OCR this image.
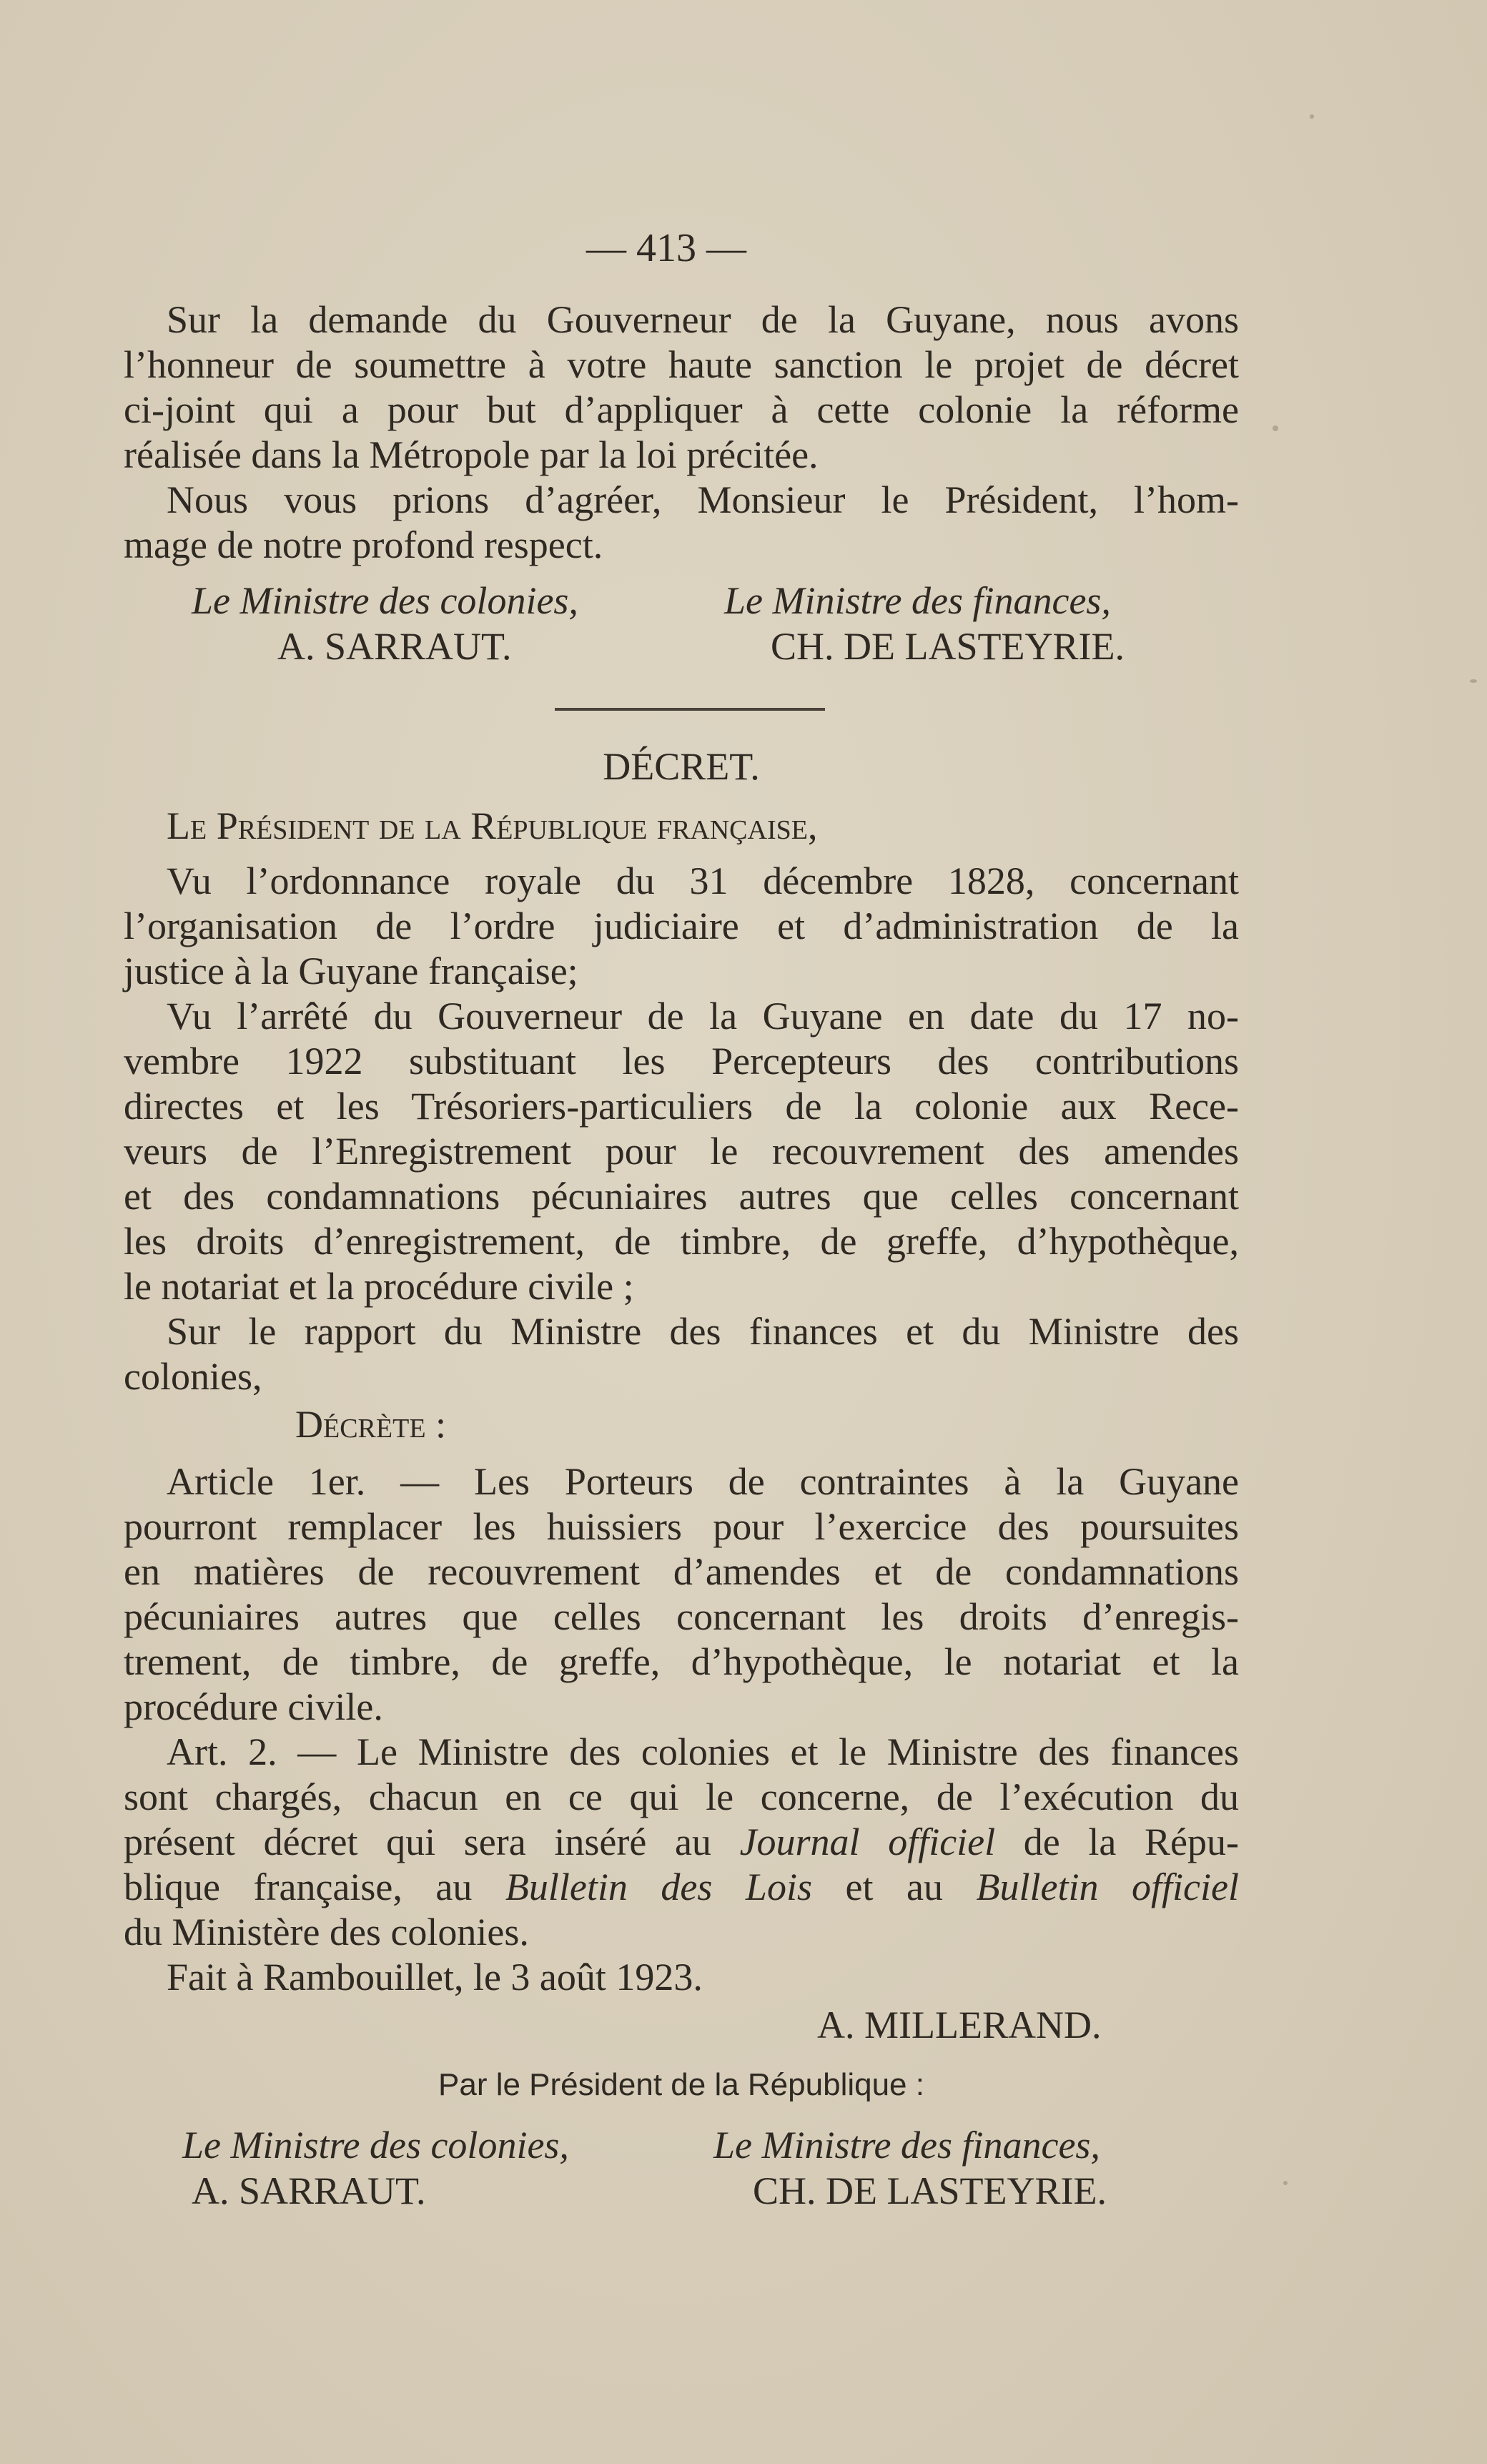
— 413 —
Sur la demande du Gouverneur de la Guyane, nous avons
l’honneur de soumettre à votre haute sanction le projet de décret
ci-joint qui a pour but d’appliquer à cette colonie la réforme
réalisée dans la Métropole par la loi précitée.
Nous vous prions d’agréer, Monsieur le Président, l’hom-
mage de notre profond respect.
Le Ministre des colonies,	Le Ministre des finances,
A. SARRAUT.	CH. DE LASTEYRIE.
DÉCRET.
Le Président de la République française,
Vu l’ordonnance royale du 31 décembre 1828, concernant
l’organisation de l’ordre judiciaire et d’administration de la
justice à la Guyane française;
Vu l’arrêté du Gouverneur de la Guyane en date du 17 no-
vembre 1922 substituant les Percepteurs des contributions
directes et les Trésoriers-particuliers de la colonie aux Rece-
veurs de l’Enregistrement pour le recouvrement des amendes
et des condamnations pécuniaires autres que celles concernant
les droits d’enregistrement, de timbre, de greffe, d’hypothèque,
le notariat et la procédure civile ;
Sur le rapport du Ministre des finances et du Ministre des
colonies,
Décrète :
Article 1er. — Les Porteurs de contraintes à la Guyane
pourront remplacer les huissiers pour l’exercice des poursuites
en matières de recouvrement d’amendes et de condamnations
pécuniaires autres que celles concernant les droits d’enregis-
trement, de timbre, de greffe, d’hypothèque, le notariat et la
procédure civile.
Art. 2. — Le Ministre des colonies et le Ministre des finances
sont chargés, chacun en ce qui le concerne, de l’exécution du
présent décret qui sera inséré au Journal officiel de la Répu-
blique française, au Bulletin des Lois et au Bulletin officiel
du Ministère des colonies.
Fait à Rambouillet, le 3 août 1923.
A. MILLERAND.
Par le Président de la République :
Le Ministre des colonies,	Le Ministre des finances,
A. SARRAUT.	CH. DE LASTEYRIE.
